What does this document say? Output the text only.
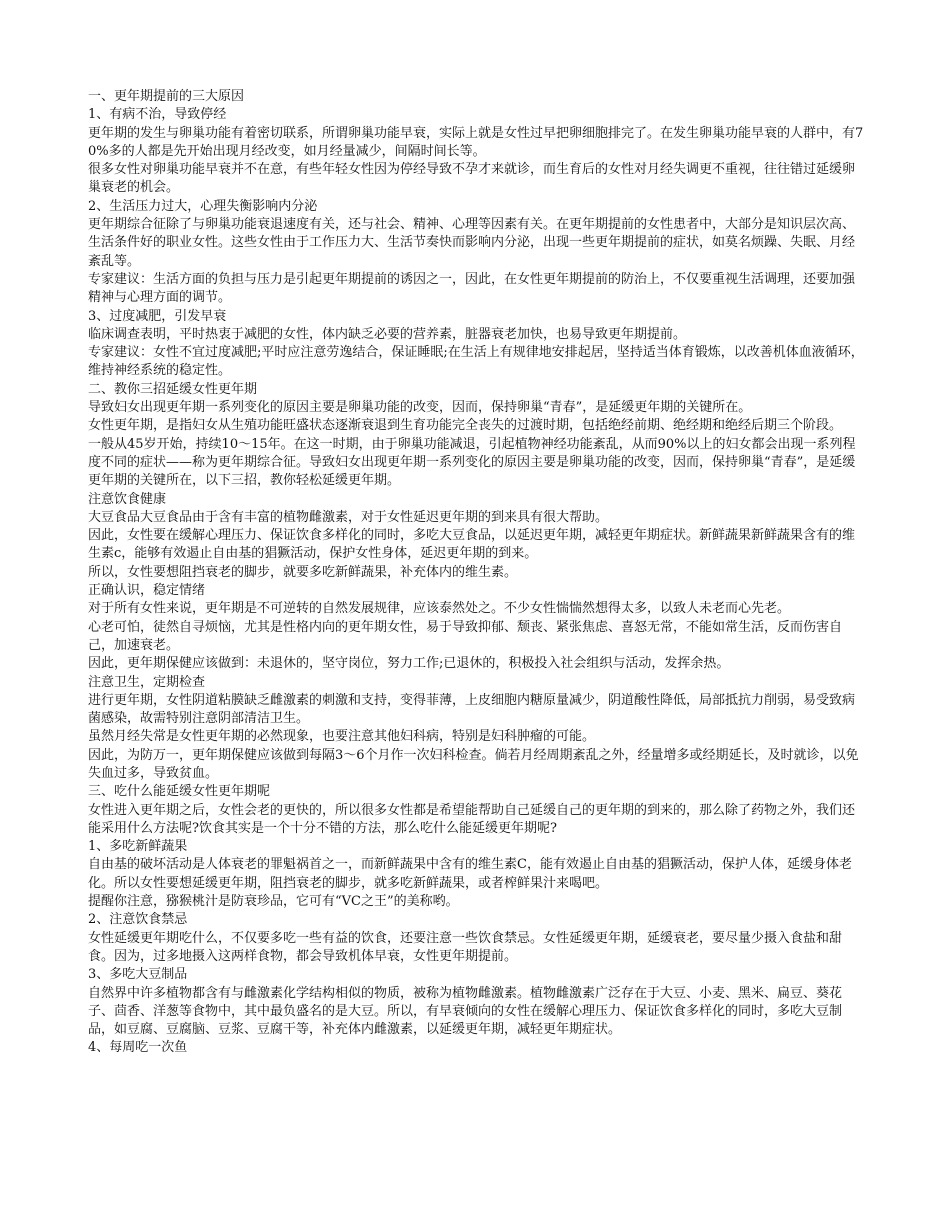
一、更年期提前的三大原因

1、有病不治，导致停经

更年期的发生与卵巢功能有着密切联系，所谓卵巢功能早衰，实际上就是女性过早把卵细胞排完了。在发生卵巢功能早衰的人群中，有70%多的人都是先开始出现月经改变，如月经量减少，间隔时间长等。

很多女性对卵巢功能早衰并不在意，有些年轻女性因为停经导致不孕才来就诊，而生育后的女性对月经失调更不重视，往往错过延缓卵巢衰老的机会。

2、生活压力过大，心理失衡影响内分泌

更年期综合征除了与卵巢功能衰退速度有关，还与社会、精神、心理等因素有关。在更年期提前的女性患者中，大部分是知识层次高、生活条件好的职业女性。这些女性由于工作压力大、生活节奏快而影响内分泌，出现一些更年期提前的症状，如莫名烦躁、失眠、月经紊乱等。

专家建议：生活方面的负担与压力是引起更年期提前的诱因之一，因此，在女性更年期提前的防治上，不仅要重视生活调理，还要加强精神与心理方面的调节。

3、过度减肥，引发早衰

临床调查表明，平时热衷于减肥的女性，体内缺乏必要的营养素，脏器衰老加快，也易导致更年期提前。

专家建议：女性不宜过度减肥;平时应注意劳逸结合，保证睡眠;在生活上有规律地安排起居，坚持适当体育锻炼，以改善机体血液循环，维持神经系统的稳定性。

二、教你三招延缓女性更年期

导致妇女出现更年期一系列变化的原因主要是卵巢功能的改变，因而，保持卵巢“青春”，是延缓更年期的关键所在。

女性更年期，是指妇女从生殖功能旺盛状态逐渐衰退到生育功能完全丧失的过渡时期，包括绝经前期、绝经期和绝经后期三个阶段。

一般从45岁开始，持续10～15年。在这一时期，由于卵巢功能减退，引起植物神经功能紊乱，从而90%以上的妇女都会出现一系列程度不同的症状——称为更年期综合征。导致妇女出现更年期一系列变化的原因主要是卵巢功能的改变，因而，保持卵巢“青春”，是延缓更年期的关键所在，以下三招，教你轻松延缓更年期。

注意饮食健康

大豆食品大豆食品由于含有丰富的植物雌激素，对于女性延迟更年期的到来具有很大帮助。

因此，女性要在缓解心理压力、保证饮食多样化的同时，多吃大豆食品，以延迟更年期，减轻更年期症状。新鲜蔬果新鲜蔬果含有的维生素c，能够有效遏止自由基的猖獗活动，保护女性身体，延迟更年期的到来。

所以，女性要想阻挡衰老的脚步，就要多吃新鲜蔬果，补充体内的维生素。

正确认识，稳定情绪

对于所有女性来说，更年期是不可逆转的自然发展规律，应该泰然处之。不少女性惴惴然想得太多，以致人未老而心先老。

心老可怕，徒然自寻烦恼，尤其是性格内向的更年期女性，易于导致抑郁、颓丧、紧张焦虑、喜怒无常，不能如常生活，反而伤害自己，加速衰老。

因此，更年期保健应该做到：未退休的，坚守岗位，努力工作;已退休的，积极投入社会组织与活动，发挥余热。

注意卫生，定期检查

进行更年期，女性阴道粘膜缺乏雌激素的刺激和支持，变得菲薄，上皮细胞内糖原量减少，阴道酸性降低，局部抵抗力削弱，易受致病菌感染，故需特别注意阴部清洁卫生。

虽然月经失常是女性更年期的必然现象，也要注意其他妇科病，特别是妇科肿瘤的可能。

因此，为防万一，更年期保健应该做到每隔3～6个月作一次妇科检查。倘若月经周期紊乱之外，经量增多或经期延长，及时就诊，以免失血过多，导致贫血。

三、吃什么能延缓女性更年期呢

女性进入更年期之后，女性会老的更快的，所以很多女性都是希望能帮助自己延缓自己的更年期的到来的，那么除了药物之外，我们还能采用什么方法呢?饮食其实是一个十分不错的方法，那么吃什么能延缓更年期呢?

1、多吃新鲜蔬果

自由基的破坏活动是人体衰老的罪魁祸首之一，而新鲜蔬果中含有的维生素C，能有效遏止自由基的猖獗活动，保护人体，延缓身体老化。所以女性要想延缓更年期，阻挡衰老的脚步，就多吃新鲜蔬果，或者榨鲜果汁来喝吧。

提醒你注意，猕猴桃汁是防衰珍品，它可有“VC之王”的美称哟。

2、注意饮食禁忌

女性延缓更年期吃什么，不仅要多吃一些有益的饮食，还要注意一些饮食禁忌。女性延缓更年期，延缓衰老，要尽量少摄入食盐和甜食。因为，过多地摄入这两样食物，都会导致机体早衰，女性更年期提前。

3、多吃大豆制品

自然界中许多植物都含有与雌激素化学结构相似的物质，被称为植物雌激素。植物雌激素广泛存在于大豆、小麦、黑米、扁豆、葵花子、茴香、洋葱等食物中，其中最负盛名的是大豆。所以，有早衰倾向的女性在缓解心理压力、保证饮食多样化的同时，多吃大豆制品，如豆腐、豆腐脑、豆浆、豆腐干等，补充体内雌激素，以延缓更年期，减轻更年期症状。

4、每周吃一次鱼
